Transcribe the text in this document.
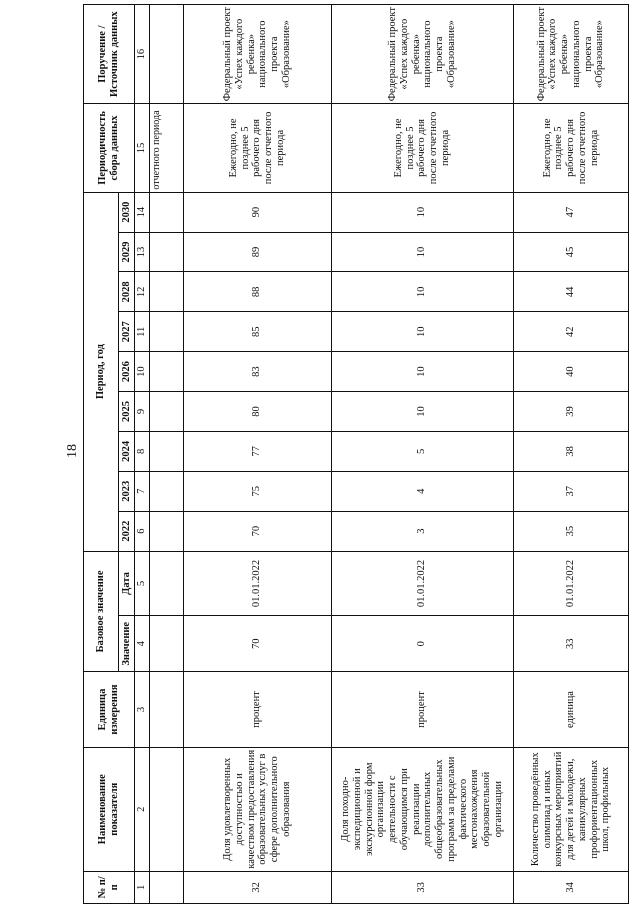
18
№ п/п	Наименование показателя	Единица измерения	Базовое значение		Период, год									Периодичность сбора данных	Поручение / Источник данных
			Значение	Дата	2022	2023	2024	2025	2026	2027	2028	2029	2030		
1	2	3	4	5	6	7	8	9	10	11	12	13	14	15	16
														отчетного периода	
32	Доля удовлетворенных доступностью и качеством предоставления образовательных услуг в сфере дополнительного образования	процент	70	01.01.2022	70	75	77	80	83	85	88	89	90	Ежегодно, не позднее 5 рабочего дня после отчетного периода	Федеральный проект «Успех каждого ребенка» национального проекта «Образование»
33	Доля походно-экспедиционной и экскурсионной форм организации деятельности с обучающимся при реализации дополнительных общеобразовательных программ за пределами фактического местонахождения образовательной организации	процент	0	01.01.2022	3	4	5	10	10	10	10	10	10	Ежегодно, не позднее 5 рабочего дня после отчетного периода	Федеральный проект «Успех каждого ребенка» национального проекта «Образование»
34	Количество проведённых олимпиад и иных конкурсных мероприятий для детей и молодежи, каникулярных профориентационных школ, профильных	единица	33	01.01.2022	35	37	38	39	40	42	44	45	47	Ежегодно, не позднее 5 рабочего дня после отчетного периода	Федеральный проект «Успех каждого ребенка» национального проекта «Образование»
